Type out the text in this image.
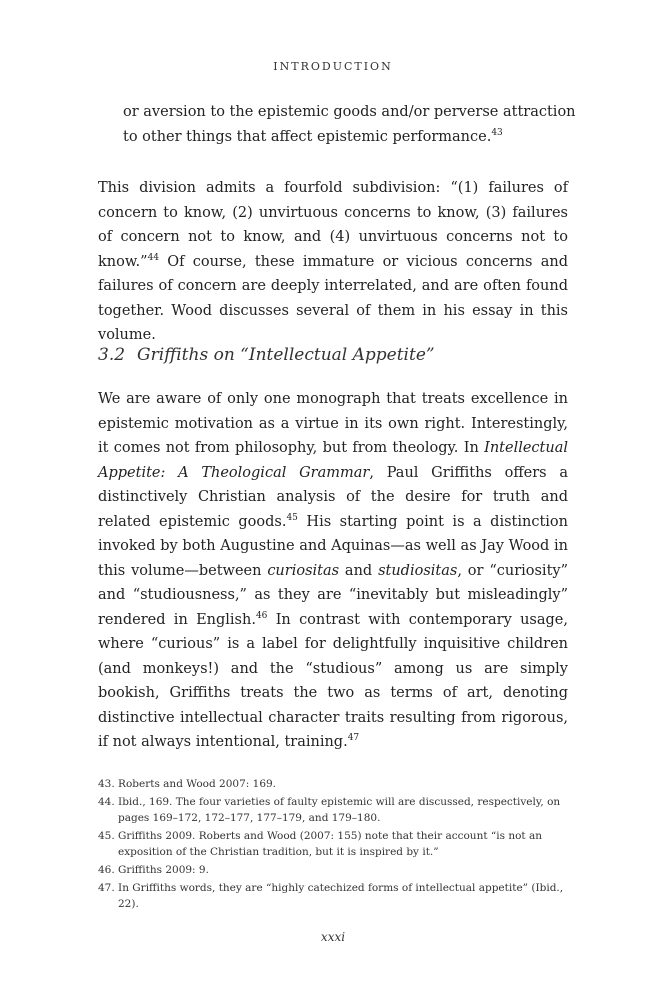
INTRODUCTION

or aversion to the epistemic goods and/or perverse attraction to other things that affect epistemic performance.$^{43}$

This division admits a fourfold subdivision: “(1) failures of concern to know, (2) unvirtuous concerns to know, (3) failures of concern not to know, and (4) unvirtuous concerns not to know.”$^{44}$ Of course, these immature or vicious concerns and failures of concern are deeply interrelated, and are often found together. Wood discusses several of them in his essay in this volume.

3.2 Griffiths on “Intellectual Appetite”

We are aware of only one monograph that treats excellence in epistemic motivation as a virtue in its own right. Interestingly, it comes not from philosophy, but from theology. In Intellectual Appetite: A Theological Grammar, Paul Griffiths offers a distinctively Christian analysis of the desire for truth and related epistemic goods.$^{45}$ His starting point is a distinction invoked by both Augustine and Aquinas—as well as Jay Wood in this volume—between curiositas and studiositas, or “curiosity” and “studiousness,” as they are “inevitably but misleadingly” rendered in English.$^{46}$ In contrast with contemporary usage, where “curious” is a label for delightfully inquisitive children (and monkeys!) and the “studious” among us are simply bookish, Griffiths treats the two as terms of art, denoting distinctive intellectual character traits resulting from rigorous, if not always intentional, training.$^{47}$

43. Roberts and Wood 2007: 169.

44. Ibid., 169. The four varieties of faulty epistemic will are discussed, respectively, on pages 169–172, 172–177, 177–179, and 179–180.

45. Griffiths 2009. Roberts and Wood (2007: 155) note that their account “is not an exposition of the Christian tradition, but it is inspired by it.”

46. Griffiths 2009: 9.

47. In Griffiths words, they are “highly catechized forms of intellectual appetite” (Ibid., 22).

xxxi
